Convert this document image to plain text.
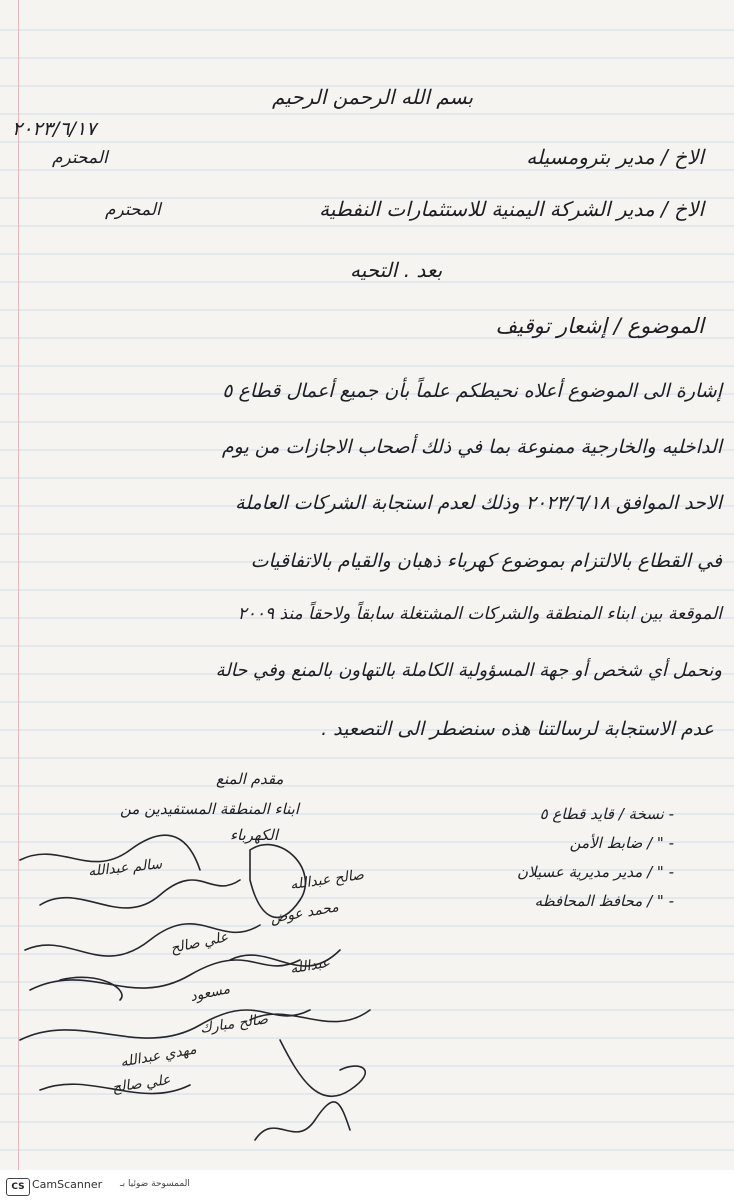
بسم الله الرحمن الرحيم
٢٠٢٣/٦/١٧
المحترم	الاخ / مدير بترومسيله
المحترم	الاخ / مدير الشركة اليمنية للاستثمارات النفطية
بعد . التحيه
الموضوع / إشعار توقيف
إشارة الى الموضوع أعلاه نحيطكم علماً بأن جميع أعمال قطاع ٥
الداخليه والخارجية ممنوعة بما في ذلك أصحاب الاجازات من يوم
الاحد الموافق ٢٠٢٣/٦/١٨ وذلك لعدم استجابة الشركات العاملة
في القطاع بالالتزام بموضوع كهرباء ذهبان والقيام بالاتفاقيات
الموقعة بين ابناء المنطقة والشركات المشتغلة سابقاً ولاحقاً منذ ٢٠٠٩
ونحمل أي شخص أو جهة المسؤولية الكاملة بالتهاون بالمنع وفي حالة
عدم الاستجابة لرسالتنا هذه سنضطر الى التصعيد .
مقدم المنع
ابناء المنطقة المستفيدين من
الكهرباء
- نسخة / قايد قطاع ٥
- " / ضابط الأمن
- " / مدير مديرية عسيلان
- " / محافظ المحافظه
سالم عبدالله	صالح عبدالله
محمد عوض
علي صالح
عبدالله
مسعود
صالح مبارك
مهدي عبدالله
علي صالح
CS CamScanner الممسوحة ضوئيا بـ
